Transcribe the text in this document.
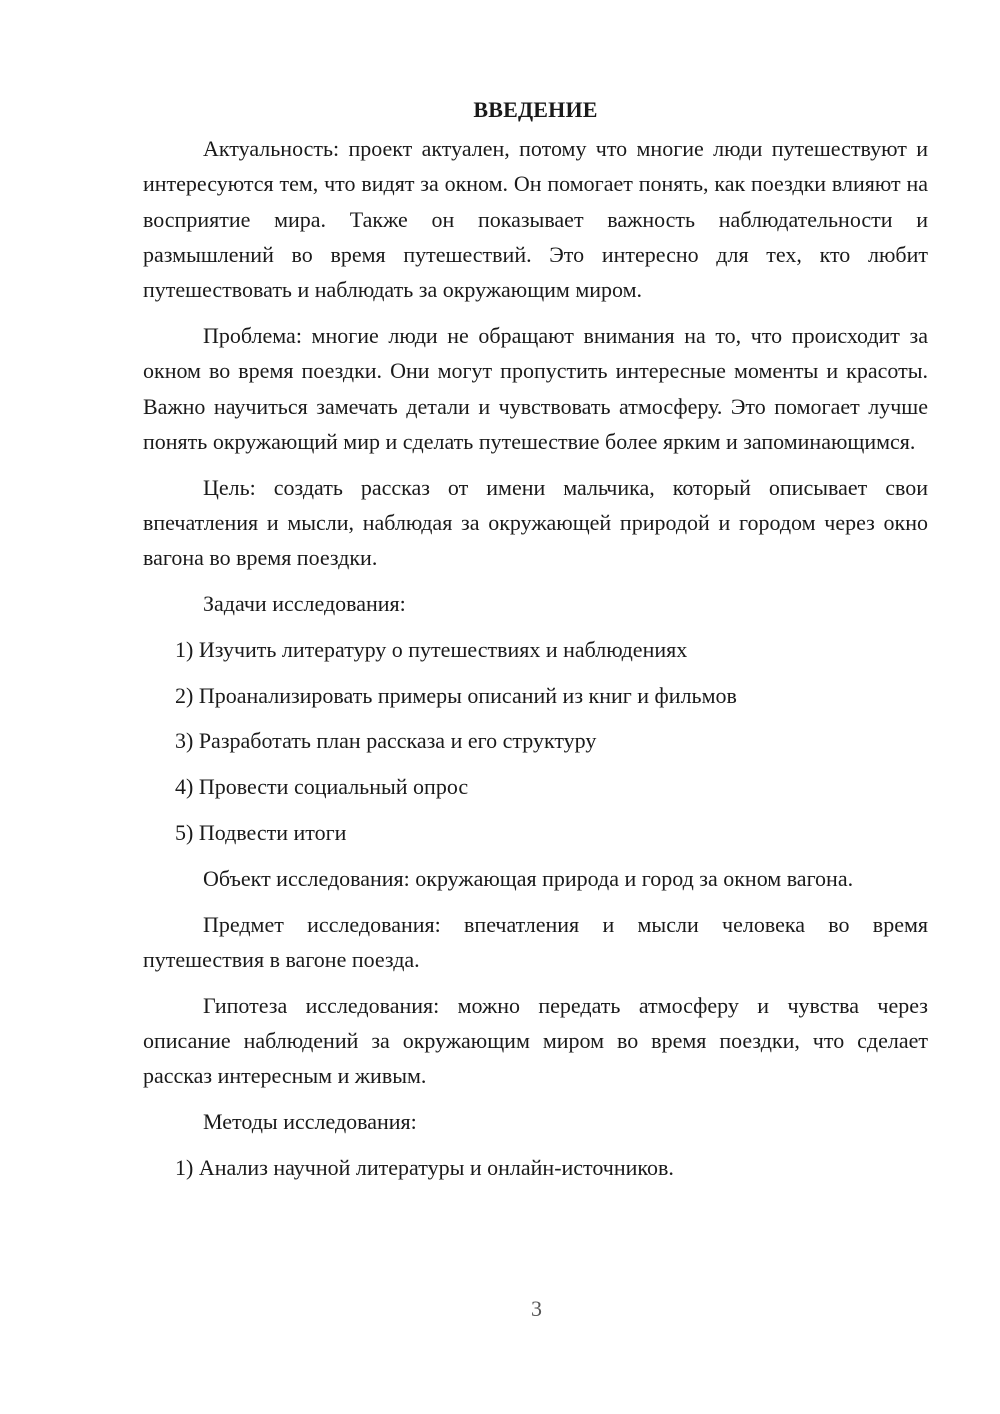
ВВЕДЕНИЕ

Актуальность: проект актуален, потому что многие люди путешествуют и интересуются тем, что видят за окном. Он помогает понять, как поездки влияют на восприятие мира. Также он показывает важность наблюдательности и размышлений во время путешествий. Это интересно для тех, кто любит путешествовать и наблюдать за окружающим миром.

Проблема: многие люди не обращают внимания на то, что происходит за окном во время поездки. Они могут пропустить интересные моменты и красоты. Важно научиться замечать детали и чувствовать атмосферу. Это помогает лучше понять окружающий мир и сделать путешествие более ярким и запоминающимся.

Цель: создать рассказ от имени мальчика, который описывает свои впечатления и мысли, наблюдая за окружающей природой и городом через окно вагона во время поездки.

Задачи исследования:

1) Изучить литературу о путешествиях и наблюдениях
2) Проанализировать примеры описаний из книг и фильмов
3) Разработать план рассказа и его структуру
4) Провести социальный опрос
5) Подвести итоги

Объект исследования: окружающая природа и город за окном вагона.

Предмет исследования: впечатления и мысли человека во время путешествия в вагоне поезда.

Гипотеза исследования: можно передать атмосферу и чувства через описание наблюдений за окружающим миром во время поездки, что сделает рассказ интересным и живым.

Методы исследования:

1) Анализ научной литературы и онлайн-источников.
3
